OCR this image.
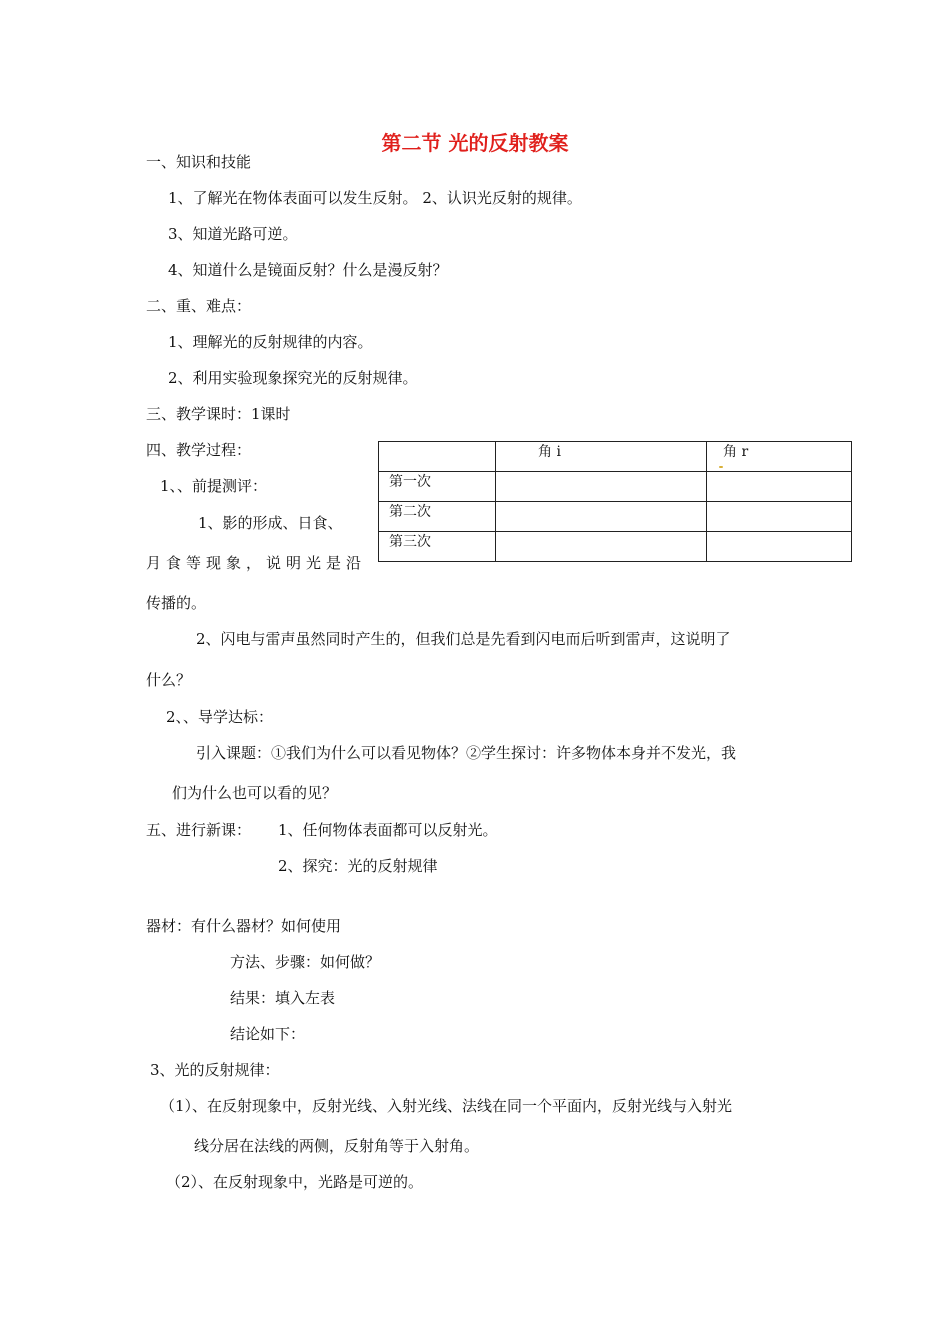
第二节 光的反射教案
一、知识和技能
1、了解光在物体表面可以发生反射。 2、认识光反射的规律。
3、知道光路可逆。
4、知道什么是镜面反射？什么是漫反射？
二、重、难点：
1、理解光的反射规律的内容。
2、利用实验现象探究光的反射规律。
三、教学课时：1课时
四、教学过程：
1、、前提测评：
1、影的形成、日食、
月食等现象，说明光是沿
传播的。
2、闪电与雷声虽然同时产生的，但我们总是先看到闪电而后听到雷声，这说明了
什么？
2、、导学达标：
引入课题：①我们为什么可以看见物体？②学生探讨：许多物体本身并不发光，我
们为什么也可以看的见？
	角 i	角 r
第一次		
第二次		
第三次		
五、进行新课： 1、任何物体表面都可以反射光。
2、探究：光的反射规律
器材：有什么器材？如何使用
方法、步骤：如何做？
结果：填入左表
结论如下：
3、光的反射规律：
（1）、在反射现象中，反射光线、入射光线、法线在同一个平面内，反射光线与入射光
线分居在法线的两侧，反射角等于入射角。
（2）、在反射现象中，光路是可逆的。
